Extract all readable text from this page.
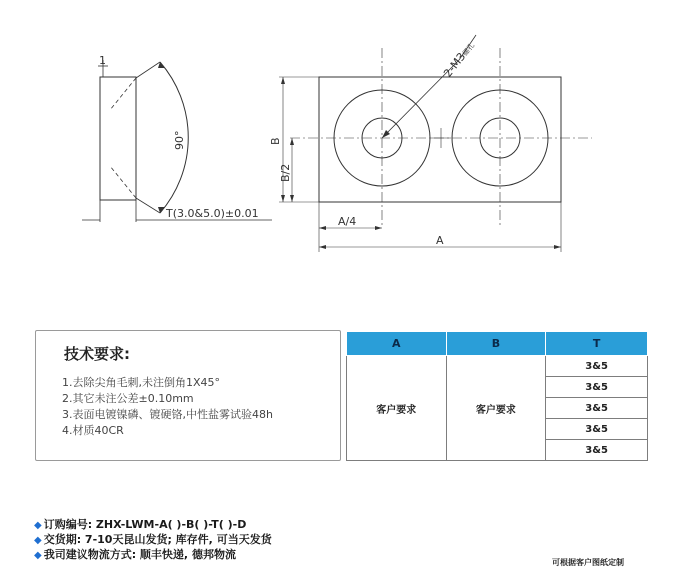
1
90°
T(3.0&5.0)±0.01
2-M3螺孔
B
B/2
A/4
A
技术要求:
1.去除尖角毛刺,未注倒角1X45°
2.其它未注公差±0.10mm
3.表面电镀镍磷、镀硬铬,中性盐雾试验48h
4.材质40CR
A	B	T
客户要求	客户要求	3&5
		3&5
		3&5
		3&5
		3&5
◆ 订购编号: ZHX-LWM-A( )-B( )-T( )-D
◆ 交货期: 7-10天昆山发货; 库存件, 可当天发货
◆ 我司建议物流方式: 顺丰快递, 德邦物流
可根据客户图纸定制
